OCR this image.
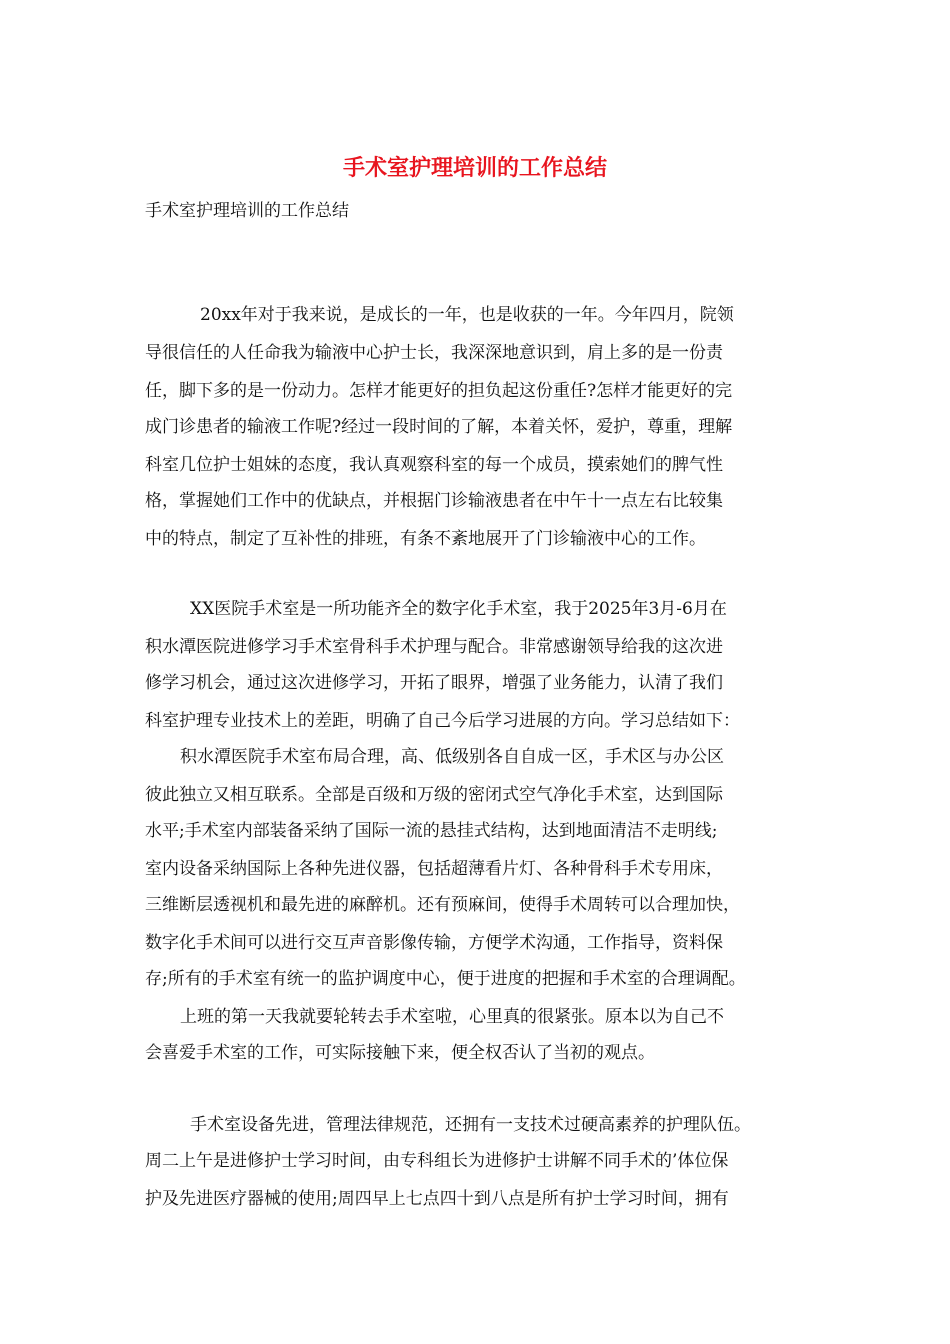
手术室护理培训的工作总结

手术室护理培训的工作总结

20xx年对于我来说，是成长的一年，也是收获的一年。今年四月，院领

导很信任的人任命我为输液中心护士长，我深深地意识到，肩上多的是一份责

任，脚下多的是一份动力。怎样才能更好的担负起这份重任?怎样才能更好的完

成门诊患者的输液工作呢?经过一段时间的了解，本着关怀，爱护，尊重，理解

科室几位护士姐妹的态度，我认真观察科室的每一个成员，摸索她们的脾气性

格，掌握她们工作中的优缺点，并根据门诊输液患者在中午十一点左右比较集

中的特点，制定了互补性的排班，有条不紊地展开了门诊输液中心的工作。

XX医院手术室是一所功能齐全的数字化手术室，我于2025年3月-6月在

积水潭医院进修学习手术室骨科手术护理与配合。非常感谢领导给我的这次进

修学习机会，通过这次进修学习，开拓了眼界，增强了业务能力，认清了我们

科室护理专业技术上的差距，明确了自己今后学习进展的方向。学习总结如下：

积水潭医院手术室布局合理，高、低级别各自自成一区，手术区与办公区

彼此独立又相互联系。全部是百级和万级的密闭式空气净化手术室，达到国际

水平;手术室内部装备采纳了国际一流的悬挂式结构，达到地面清洁不走明线;

室内设备采纳国际上各种先进仪器，包括超薄看片灯、各种骨科手术专用床，

三维断层透视机和最先进的麻醉机。还有预麻间，使得手术周转可以合理加快，

数字化手术间可以进行交互声音影像传输，方便学术沟通，工作指导，资料保

存;所有的手术室有统一的监护调度中心，便于进度的把握和手术室的合理调配。

上班的第一天我就要轮转去手术室啦，心里真的很紧张。原本以为自己不

会喜爱手术室的工作，可实际接触下来，便全权否认了当初的观点。

手术室设备先进，管理法律规范，还拥有一支技术过硬高素养的护理队伍。

周二上午是进修护士学习时间，由专科组长为进修护士讲解不同手术的’体位保

护及先进医疗器械的使用;周四早上七点四十到八点是所有护士学习时间，拥有
